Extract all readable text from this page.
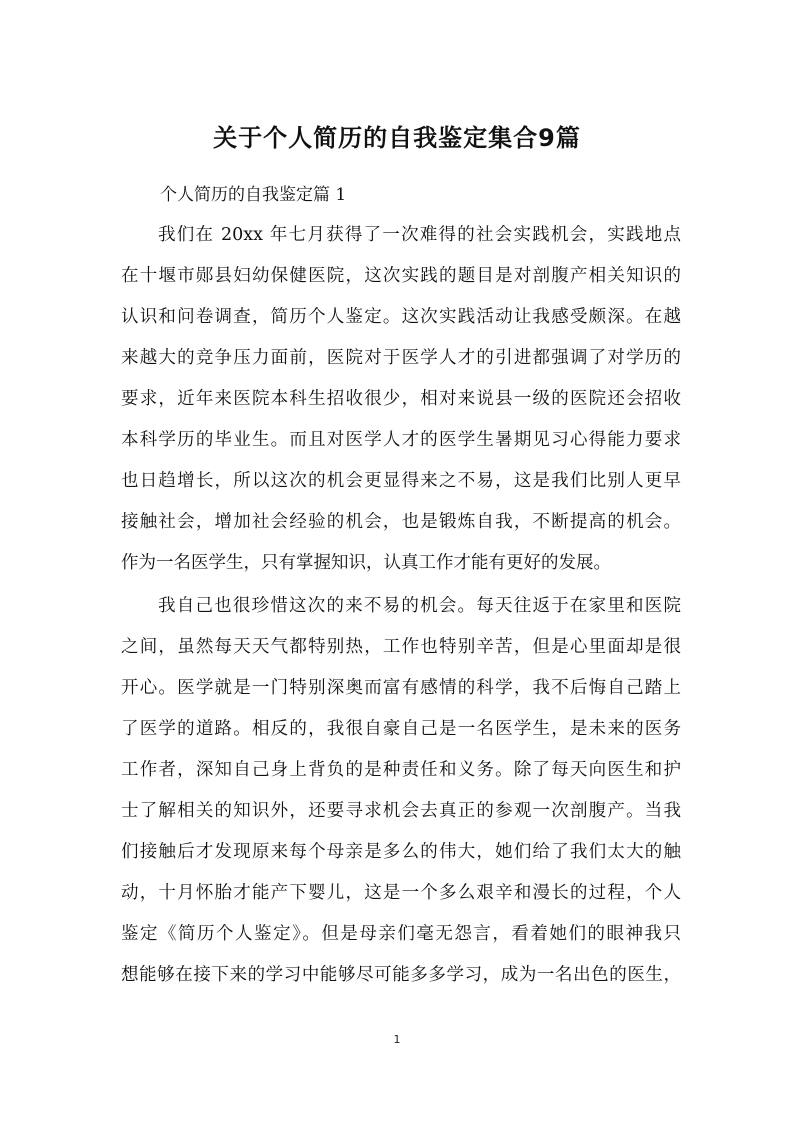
关于个人简历的自我鉴定集合9篇
个人简历的自我鉴定篇 1
我们在 20xx 年七月获得了一次难得的社会实践机会，实践地点
在十堰市郧县妇幼保健医院，这次实践的题目是对剖腹产相关知识的
认识和问卷调查，简历个人鉴定。这次实践活动让我感受颇深。在越
来越大的竞争压力面前，医院对于医学人才的引进都强调了对学历的
要求，近年来医院本科生招收很少，相对来说县一级的医院还会招收
本科学历的毕业生。而且对医学人才的医学生暑期见习心得能力要求
也日趋增长，所以这次的机会更显得来之不易，这是我们比别人更早
接触社会，增加社会经验的机会，也是锻炼自我，不断提高的机会。
作为一名医学生，只有掌握知识，认真工作才能有更好的发展。
我自己也很珍惜这次的来不易的机会。每天往返于在家里和医院
之间，虽然每天天气都特别热，工作也特别辛苦，但是心里面却是很
开心。医学就是一门特别深奥而富有感情的科学，我不后悔自己踏上
了医学的道路。相反的，我很自豪自己是一名医学生，是未来的医务
工作者，深知自己身上背负的是种责任和义务。除了每天向医生和护
士了解相关的知识外，还要寻求机会去真正的参观一次剖腹产。当我
们接触后才发现原来每个母亲是多么的伟大，她们给了我们太大的触
动，十月怀胎才能产下婴儿，这是一个多么艰辛和漫长的过程，个人
鉴定《简历个人鉴定》。但是母亲们毫无怨言，看着她们的眼神我只
想能够在接下来的学习中能够尽可能多多学习，成为一名出色的医生，
1
